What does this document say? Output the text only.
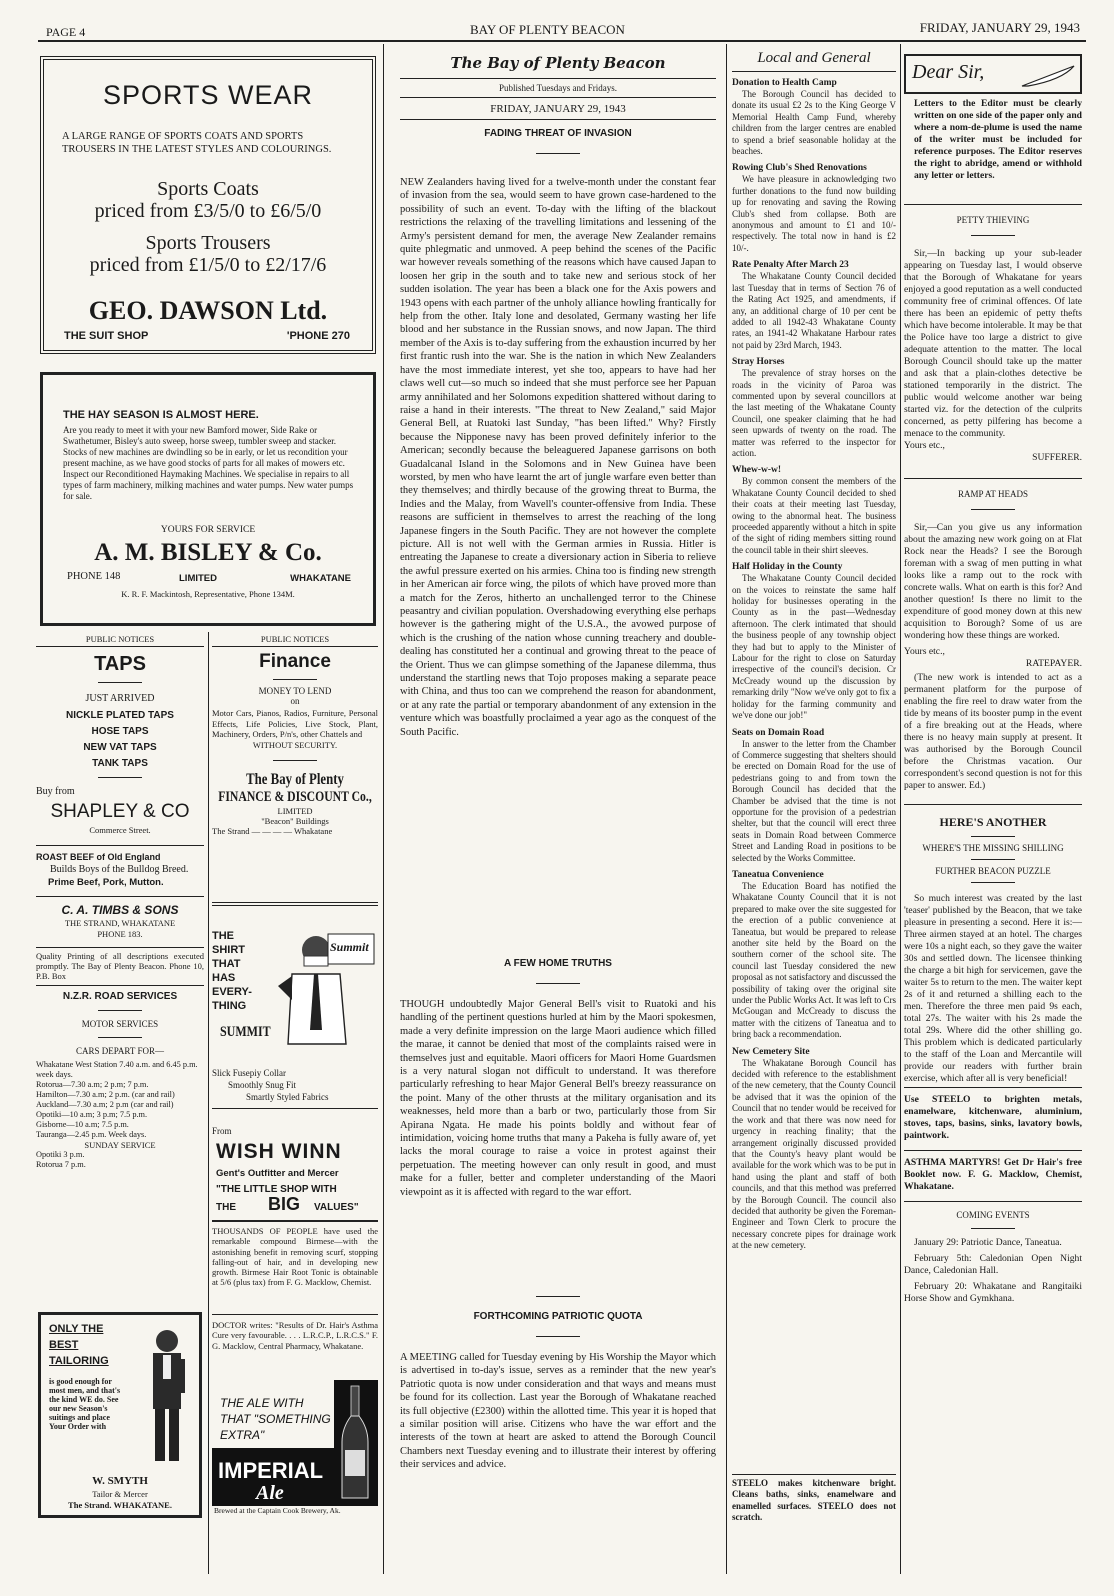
PAGE 4	BAY OF PLENTY BEACON	FRIDAY, JANUARY 29, 1943
SPORTS WEAR
A LARGE RANGE OF SPORTS COATS AND SPORTS TROUSERS IN THE LATEST STYLES AND COLOURINGS.
Sports Coats
priced from £3/5/0 to £6/5/0
Sports Trousers
priced from £1/5/0 to £2/17/6
GEO. DAWSON Ltd.
THE SUIT SHOP	'PHONE 270
THE HAY SEASON IS ALMOST HERE.
Are you ready to meet it with your new Bamford mower, Side Rake or Swathetumer, Bisley's auto sweep, horse sweep, tumbler sweep and stacker. Stocks of new machines are dwindling so be in early, or let us recondition your present machine, as we have good stocks of parts for all makes of mowers etc. Inspect our Reconditioned Haymaking Machines. We specialise in repairs to all types of farm machinery, milking machines and water pumps. New water pumps for sale.
YOURS FOR SERVICE
A. M. BISLEY & Co.
PHONE 148	LIMITED	WHAKATANE
K. R. F. Mackintosh, Representative, Phone 134M.
PUBLIC NOTICES
TAPS
JUST ARRIVED
NICKLE PLATED TAPS
HOSE TAPS
NEW VAT TAPS
TANK TAPS
Buy from
SHAPLEY & CO
Commerce Street.
ROAST BEEF of Old England
Builds Boys of the Bulldog Breed.
Prime Beef, Pork, Mutton.
C. A. TIMBS & SONS
THE STRAND, WHAKATANE
PHONE 183.
Quality Printing of all descriptions executed promptly. The Bay of Plenty Beacon. Phone 10, P.B. Box
N.Z.R. ROAD SERVICES
MOTOR SERVICES
CARS DEPART FOR—
Whakatane West Station 7.40 a.m. and 6.45 p.m. week days.
Rotorua—7.30 a.m; 2 p.m; 7 p.m.
Hamilton—7.30 a.m; 2 p.m. (car and rail)
Auckland—7.30 a.m; 2 p.m (car and rail)
Opotiki—10 a.m; 3 p.m; 7.5 p.m.
Gisborne—10 a.m; 7.5 p.m.
Tauranga—2.45 p.m. Week days.
SUNDAY SERVICE
Opotiki 3 p.m.
Rotorua 7 p.m.
ONLY THE
BEST
TAILORING
is good enough for most men, and that's the kind WE do. See our new Season's suitings and place Your Order with
W. SMYTH
Tailor & Mercer
The Strand. WHAKATANE.
PUBLIC NOTICES
Finance
MONEY TO LEND
on
Motor Cars, Pianos, Radios, Furniture, Personal Effects, Life Policies, Live Stock, Plant, Machinery, Orders, P/n's, other Chattels and
WITHOUT SECURITY.
The Bay of Plenty
FINANCE & DISCOUNT Co.,
LIMITED
"Beacon" Buildings
The Strand — — — — Whakatane
THE
SHIRT
THAT
HAS
EVERY-
THING
SUMMIT
Summit
Slick Fusepiy Collar
Smoothly Snug Fit
Smartly Styled Fabrics
From
WISH WINN
Gent's Outfitter and Mercer
"THE LITTLE SHOP WITH
THE BIG VALUES"
THOUSANDS OF PEOPLE have used the remarkable compound Birmese—with the astonishing benefit in removing scurf, stopping falling-out of hair, and in developing new growth. Birmese Hair Root Tonic is obtainable at 5/6 (plus tax) from F. G. Macklow, Chemist.
DOCTOR writes: "Results of Dr. Hair's Asthma Cure very favourable. . . . L.R.C.P., L.R.C.S." F. G. Macklow, Central Pharmacy, Whakatane.
THE ALE WITH
THAT "SOMETHING
EXTRA"
IMPERIAL
Ale
Brewed at the Captain Cook Brewery, Ak.
The Bay of Plenty Beacon
Published Tuesdays and Fridays.
FRIDAY, JANUARY 29, 1943
FADING THREAT OF INVASION
NEW Zealanders having lived for a twelve-month under the constant fear of invasion from the sea, would seem to have grown case-hardened to the possibility of such an event. To-day with the lifting of the blackout restrictions the relaxing of the travelling limitations and lessening of the Army's persistent demand for men, the average New Zealander remains quite phlegmatic and unmoved. A peep behind the scenes of the Pacific war however reveals something of the reasons which have caused Japan to loosen her grip in the south and to take new and serious stock of her sudden isolation. The year has been a black one for the Axis powers and 1943 opens with each partner of the unholy alliance howling frantically for help from the other. Italy lone and desolated, Germany wasting her life blood and her substance in the Russian snows, and now Japan. The third member of the Axis is to-day suffering from the exhaustion incurred by her first frantic rush into the war. She is the nation in which New Zealanders have the most immediate interest, yet she too, appears to have had her claws well cut—so much so indeed that she must perforce see her Papuan army annihilated and her Solomons expedition shattered without daring to raise a hand in their interests. "The threat to New Zealand," said Major General Bell, at Ruatoki last Sunday, "has been lifted." Why? Firstly because the Nipponese navy has been proved definitely inferior to the American; secondly because the beleaguered Japanese garrisons on both Guadalcanal Island in the Solomons and in New Guinea have been worsted, by men who have learnt the art of jungle warfare even better than they themselves; and thirdly because of the growing threat to Burma, the Indies and the Malay, from Wavell's counter-offensive from India. These reasons are sufficient in themselves to arrest the reaching of the long Japanese fingers in the South Pacific. They are not however the complete picture. All is not well with the German armies in Russia. Hitler is entreating the Japanese to create a diversionary action in Siberia to relieve the awful pressure exerted on his armies. China too is finding new strength in her American air force wing, the pilots of which have proved more than a match for the Zeros, hitherto an unchallenged terror to the Chinese peasantry and civilian population. Overshadowing everything else perhaps however is the gathering might of the U.S.A., the avowed purpose of which is the crushing of the nation whose cunning treachery and double-dealing has constituted her a continual and growing threat to the peace of the Orient. Thus we can glimpse something of the Japanese dilemma, thus understand the startling news that Tojo proposes making a separate peace with China, and thus too can we comprehend the reason for abandonment, or at any rate the partial or temporary abandonment of any extension in the venture which was boastfully proclaimed a year ago as the conquest of the South Pacific.
A FEW HOME TRUTHS
THOUGH undoubtedly Major General Bell's visit to Ruatoki and his handling of the pertinent questions hurled at him by the Maori spokesmen, made a very definite impression on the large Maori audience which filled the marae, it cannot be denied that most of the complaints raised were in themselves just and equitable. Maori officers for Maori Home Guardsmen is a very natural slogan not difficult to understand. It was therefore particularly refreshing to hear Major General Bell's breezy reassurance on the point. Many of the other thrusts at the military organisation and its weaknesses, held more than a barb or two, particularly those from Sir Apirana Ngata. He made his points boldly and without fear of intimidation, voicing home truths that many a Pakeha is fully aware of, yet lacks the moral courage to raise a voice in protest against their perpetuation. The meeting however can only result in good, and must make for a fuller, better and completer understanding of the Maori viewpoint as it is affected with regard to the war effort.
FORTHCOMING PATRIOTIC QUOTA
A MEETING called for Tuesday evening by His Worship the Mayor which is advertised in to-day's issue, serves as a reminder that the new year's Patriotic quota is now under consideration and that ways and means must be found for its collection. Last year the Borough of Whakatane reached its full objective (£2300) within the allotted time. This year it is hoped that a similar position will arise. Citizens who have the war effort and the interests of the town at heart are asked to attend the Borough Council Chambers next Tuesday evening and to illustrate their interest by offering their services and advice.
Local and General
Donation to Health Camp
The Borough Council has decided to donate its usual £2 2s to the King George V Memorial Health Camp Fund, whereby children from the larger centres are enabled to spend a brief seasonable holiday at the beaches.
Rowing Club's Shed Renovations
We have pleasure in acknowledging two further donations to the fund now building up for renovating and saving the Rowing Club's shed from collapse. Both are anonymous and amount to £1 and 10/- respectively. The total now in hand is £2 10/-.
Rate Penalty After March 23
The Whakatane County Council decided last Tuesday that in terms of Section 76 of the Rating Act 1925, and amendments, if any, an additional charge of 10 per cent be added to all 1942-43 Whakatane County rates, an 1941-42 Whakatane Harbour rates not paid by 23rd March, 1943.
Stray Horses
The prevalence of stray horses on the roads in the vicinity of Paroa was commented upon by several councillors at the last meeting of the Whakatane County Council, one speaker claiming that he had seen upwards of twenty on the road. The matter was referred to the inspector for action.
Whew-w-w!
By common consent the members of the Whakatane County Council decided to shed their coats at their meeting last Tuesday, owing to the abnormal heat. The business proceeded apparently without a hitch in spite of the sight of riding members sitting round the council table in their shirt sleeves.
Half Holiday in the County
The Whakatane County Council decided on the voices to reinstate the same half holiday for businesses operating in the County as in the past—Wednesday afternoon. The clerk intimated that should the business people of any township object they had but to apply to the Minister of Labour for the right to close on Saturday irrespective of the council's decision. Cr McCready wound up the discussion by remarking drily "Now we've only got to fix a holiday for the farming community and we've done our job!"
Seats on Domain Road
In answer to the letter from the Chamber of Commerce suggesting that shelters should be erected on Domain Road for the use of pedestrians going to and from town the Borough Council has decided that the Chamber be advised that the time is not opportune for the provision of a pedestrian shelter, but that the council will erect three seats in Domain Road between Commerce Street and Landing Road in positions to be selected by the Works Committee.
Taneatua Convenience
The Education Board has notified the Whakatane County Council that it is not prepared to make over the site suggested for the erection of a public convenience at Taneatua, but would be prepared to release another site held by the Board on the southern corner of the school site. The council last Tuesday considered the new proposal as not satisfactory and discussed the possibility of taking over the original site under the Public Works Act. It was left to Crs McGougan and McCready to discuss the matter with the citizens of Taneatua and to bring back a recommendation.
New Cemetery Site
The Whakatane Borough Council has decided with reference to the establishment of the new cemetery, that the County Council be advised that it was the opinion of the Council that no tender would be received for the work and that there was now need for urgency in reaching finality; that the arrangement originally discussed provided that the County's heavy plant would be available for the work which was to be put in hand using the plant and staff of both councils, and that this method was preferred by the Borough Council. The council also decided that authority be given the Foreman-Engineer and Town Clerk to procure the necessary concrete pipes for drainage work at the new cemetery.
STEELO makes kitchenware bright. Cleans baths, sinks, enamelware and enamelled surfaces. STEELO does not scratch.
Dear Sir,
Letters to the Editor must be clearly written on one side of the paper only and where a nom-de-plume is used the name of the writer must be included for reference purposes. The Editor reserves the right to abridge, amend or withhold any letter or letters.
PETTY THIEVING
Sir,—In backing up your sub-leader appearing on Tuesday last, I would observe that the Borough of Whakatane for years enjoyed a good reputation as a well conducted community free of criminal offences. Of late there has been an epidemic of petty thefts which have become intolerable. It may be that the Police have too large a district to give adequate attention to the matter. The local Borough Council should take up the matter and ask that a plain-clothes detective be stationed temporarily in the district. The public would welcome another war being started viz. for the detection of the culprits concerned, as petty pilfering has become a menace to the community.
Yours etc.,
SUFFERER.
RAMP AT HEADS
Sir,—Can you give us any information about the amazing new work going on at Flat Rock near the Heads? I see the Borough foreman with a swag of men putting in what looks like a ramp out to the rock with concrete walls. What on earth is this for? And another question! Is there no limit to the expenditure of good money down at this new acquisition to Borough? Some of us are wondering how these things are worked.
Yours etc.,
RATEPAYER.
(The new work is intended to act as a permanent platform for the purpose of enabling the fire reel to draw water from the tide by means of its booster pump in the event of a fire breaking out at the Heads, where there is no heavy main supply at present. It was authorised by the Borough Council before the Christmas vacation. Our correspondent's second question is not for this paper to answer. Ed.)
HERE'S ANOTHER
WHERE'S THE MISSING SHILLING
FURTHER BEACON PUZZLE
So much interest was created by the last 'teaser' published by the Beacon, that we take pleasure in presenting a second. Here it is:— Three airmen stayed at an hotel. The charges were 10s a night each, so they gave the waiter 30s and settled down. The licensee thinking the charge a bit high for servicemen, gave the waiter 5s to return to the men. The waiter kept 2s of it and returned a shilling each to the men. Therefore the three men paid 9s each, total 27s. The waiter with his 2s made the total 29s. Where did the other shilling go. This problem which is dedicated particularly to the staff of the Loan and Mercantile will provide our readers with further brain exercise, which after all is very beneficial!
Use STEELO to brighten metals, enamelware, kitchenware, aluminium, stoves, taps, basins, sinks, lavatory bowls, paintwork.
ASTHMA MARTYRS! Get Dr Hair's free Booklet now. F. G. Macklow, Chemist, Whakatane.
COMING EVENTS
January 29: Patriotic Dance, Taneatua.
February 5th: Caledonian Open Night Dance, Caledonian Hall.
February 20: Whakatane and Rangitaiki Horse Show and Gymkhana.
